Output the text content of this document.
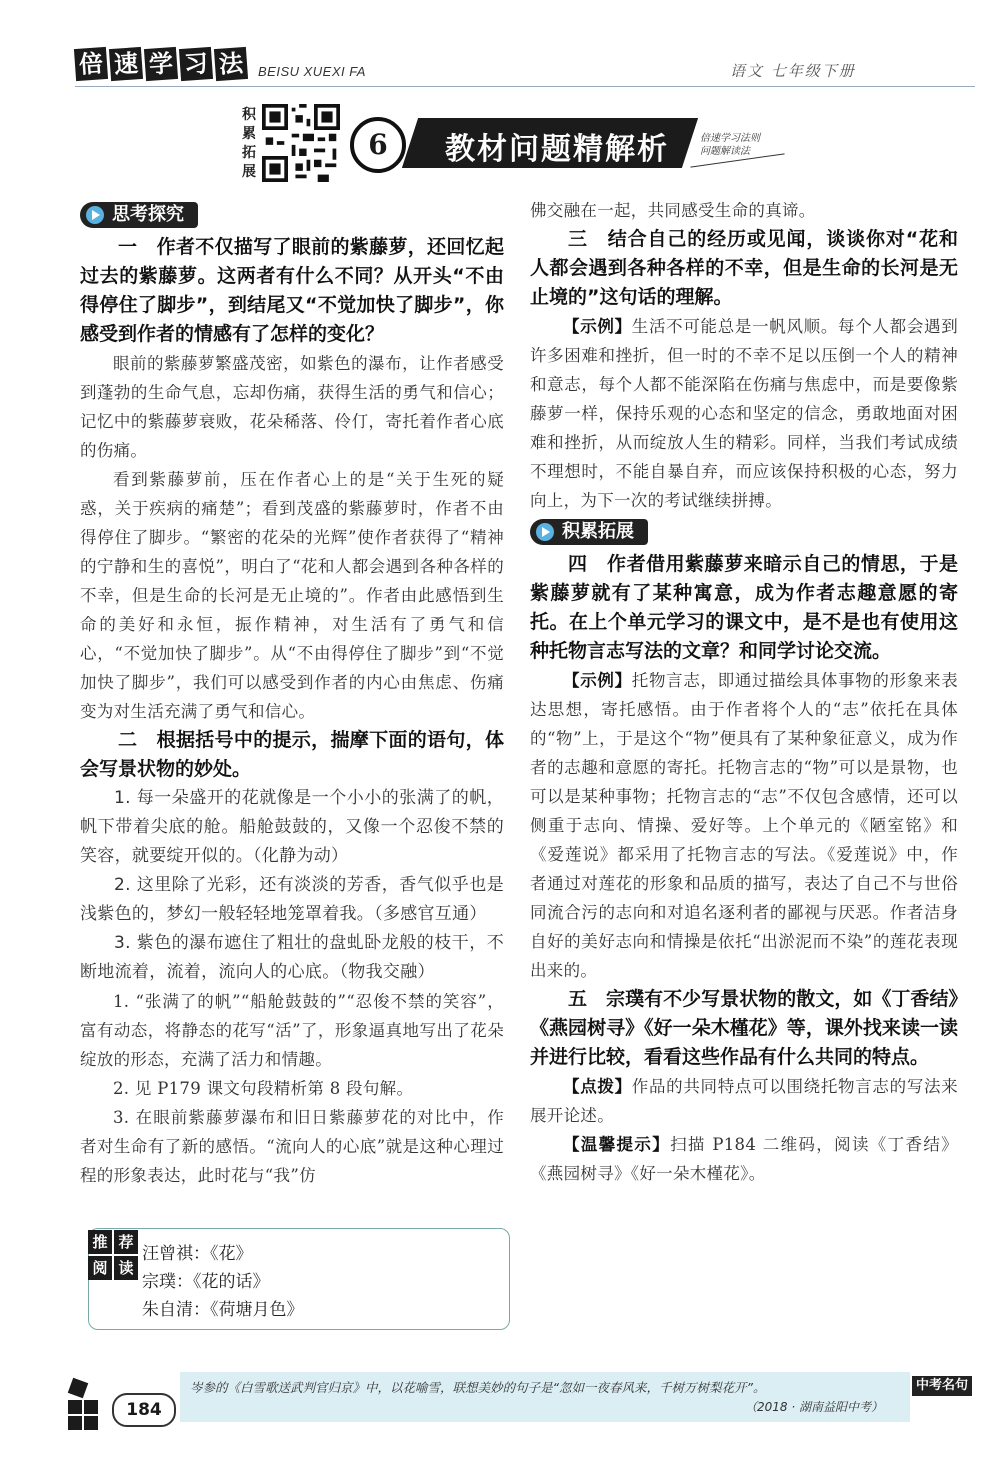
倍 速 学 习 法	BEISU XUEXI FA	语文 七年级下册
积累拓展
6	教材问题精解析	倍速学习法则
问题解读法
思考探究

一　作者不仅描写了眼前的紫藤萝，还回忆起过去的紫藤萝。这两者有什么不同？从开头“不由得停住了脚步”，到结尾又“不觉加快了脚步”，你感受到作者的情感有了怎样的变化？

眼前的紫藤萝繁盛茂密，如紫色的瀑布，让作者感受到蓬勃的生命气息，忘却伤痛，获得生活的勇气和信心；记忆中的紫藤萝衰败，花朵稀落、伶仃，寄托着作者心底的伤痛。

看到紫藤萝前，压在作者心上的是“关于生死的疑惑，关于疾病的痛楚”；看到茂盛的紫藤萝时，作者不由得停住了脚步。“繁密的花朵的光辉”使作者获得了“精神的宁静和生的喜悦”，明白了“花和人都会遇到各种各样的不幸，但是生命的长河是无止境的”。作者由此感悟到生命的美好和永恒，振作精神，对生活有了勇气和信心，“不觉加快了脚步”。从“不由得停住了脚步”到“不觉加快了脚步”，我们可以感受到作者的内心由焦虑、伤痛变为对生活充满了勇气和信心。

二　根据括号中的提示，揣摩下面的语句，体会写景状物的妙处。

1. 每一朵盛开的花就像是一个小小的张满了的帆，帆下带着尖底的舱。船舱鼓鼓的，又像一个忍俊不禁的笑容，就要绽开似的。（化静为动）

2. 这里除了光彩，还有淡淡的芳香，香气似乎也是浅紫色的，梦幻一般轻轻地笼罩着我。（多感官互通）

3. 紫色的瀑布遮住了粗壮的盘虬卧龙般的枝干，不断地流着，流着，流向人的心底。（物我交融）

1. “张满了的帆”“船舱鼓鼓的”“忍俊不禁的笑容”，富有动态，将静态的花写“活”了，形象逼真地写出了花朵绽放的形态，充满了活力和情趣。

2. 见 P179 课文句段精析第 8 段句解。

3. 在眼前紫藤萝瀑布和旧日紫藤萝花的对比中，作者对生命有了新的感悟。“流向人的心底”就是这种心理过程的形象表达，此时花与“我”仿

推 荐
阅 读
汪曾祺：《花》
宗璞：《花的话》
朱自清：《荷塘月色》

佛交融在一起，共同感受生命的真谛。

三　结合自己的经历或见闻，谈谈你对“花和人都会遇到各种各样的不幸，但是生命的长河是无止境的”这句话的理解。

【示例】生活不可能总是一帆风顺。每个人都会遇到许多困难和挫折，但一时的不幸不足以压倒一个人的精神和意志，每个人都不能深陷在伤痛与焦虑中，而是要像紫藤萝一样，保持乐观的心态和坚定的信念，勇敢地面对困难和挫折，从而绽放人生的精彩。同样，当我们考试成绩不理想时，不能自暴自弃，而应该保持积极的心态，努力向上，为下一次的考试继续拼搏。

积累拓展

四　作者借用紫藤萝来暗示自己的情思，于是紫藤萝就有了某种寓意，成为作者志趣意愿的寄托。在上个单元学习的课文中，是不是也有使用这种托物言志写法的文章？和同学讨论交流。

【示例】托物言志，即通过描绘具体事物的形象来表达思想，寄托感悟。由于作者将个人的“志”依托在具体的“物”上，于是这个“物”便具有了某种象征意义，成为作者的志趣和意愿的寄托。托物言志的“物”可以是景物，也可以是某种事物；托物言志的“志”不仅包含感情，还可以侧重于志向、情操、爱好等。上个单元的《陋室铭》和《爱莲说》都采用了托物言志的写法。《爱莲说》中，作者通过对莲花的形象和品质的描写，表达了自己不与世俗同流合污的志向和对追名逐利者的鄙视与厌恶。作者洁身自好的美好志向和情操是依托“出淤泥而不染”的莲花表现出来的。

五　宗璞有不少写景状物的散文，如《丁香结》《燕园树寻》《好一朵木槿花》等，课外找来读一读并进行比较，看看这些作品有什么共同的特点。

【点拨】作品的共同特点可以围绕托物言志的写法来展开论述。

【温馨提示】扫描 P184 二维码，阅读《丁香结》《燕园树寻》《好一朵木槿花》。

184
岑参的《白雪歌送武判官归京》中，以花喻雪，联想美妙的句子是“忽如一夜春风来，千树万树梨花开”。
（2018 · 湖南益阳中考）
中考名句
